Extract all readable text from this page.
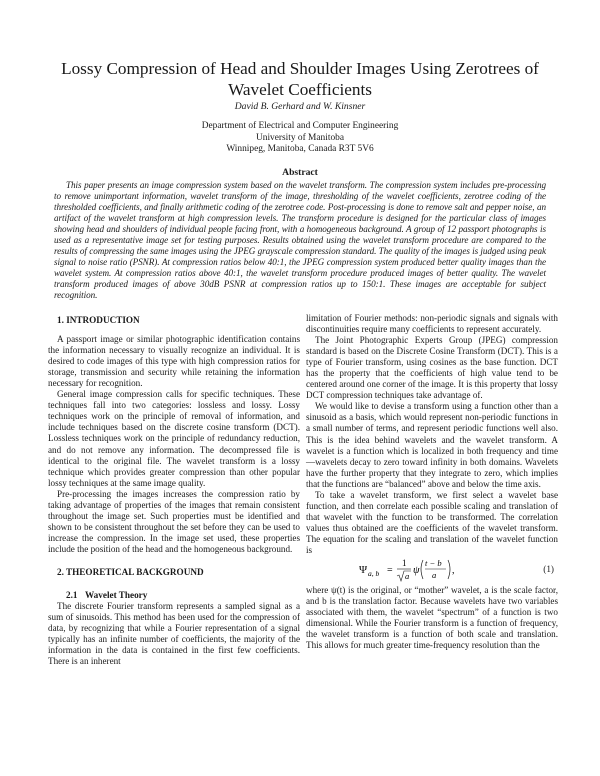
Lossy Compression of Head and Shoulder Images Using Zerotrees of Wavelet Coefficients

David B. Gerhard and W. Kinsner

Department of Electrical and Computer Engineering
University of Manitoba
Winnipeg, Manitoba, Canada R3T 5V6

Abstract

This paper presents an image compression system based on the wavelet transform. The compression system includes pre-processing to remove unimportant information, wavelet transform of the image, thresholding of the wavelet coefficients, zerotree coding of the thresholded coefficients, and finally arithmetic coding of the zerotree code. Post-processing is done to remove salt and pepper noise, an artifact of the wavelet transform at high compression levels. The transform procedure is designed for the particular class of images showing head and shoulders of individual people facing front, with a homogeneous background. A group of 12 passport photographs is used as a representative image set for testing purposes. Results obtained using the wavelet transform procedure are compared to the results of compressing the same images using the JPEG grayscale compression standard. The quality of the images is judged using peak signal to noise ratio (PSNR). At compression ratios below 40:1, the JPEG compression system produced better quality images than the wavelet system. At compression ratios above 40:1, the wavelet transform procedure produced images of better quality. The wavelet transform produced images of above 30dB PSNR at compression ratios up to 150:1. These images are acceptable for subject recognition.

1. INTRODUCTION

A passport image or similar photographic identification contains the information necessary to visually recognize an individual. It is desired to code images of this type with high compression ratios for storage, transmission and security while retaining the information necessary for recognition.

General image compression calls for specific techniques. These techniques fall into two categories: lossless and lossy. Lossy techniques work on the principle of removal of information, and include techniques based on the discrete cosine transform (DCT). Lossless techniques work on the principle of redundancy reduction, and do not remove any information. The decompressed file is identical to the original file. The wavelet transform is a lossy technique which provides greater compression than other popular lossy techniques at the same image quality.

Pre-processing the images increases the compression ratio by taking advantage of properties of the images that remain consistent throughout the image set. Such properties must be identified and shown to be consistent throughout the set before they can be used to increase the compression. In the image set used, these properties include the position of the head and the homogeneous background.

2. THEORETICAL BACKGROUND

2.1 Wavelet Theory

The discrete Fourier transform represents a sampled signal as a sum of sinusoids. This method has been used for the compression of data, by recognizing that while a Fourier representation of a signal typically has an infinite number of coefficients, the majority of the information in the data is contained in the first few coefficients. There is an inherent

limitation of Fourier methods: non-periodic signals and signals with discontinuities require many coefficients to represent accurately.

The Joint Photographic Experts Group (JPEG) compression standard is based on the Discrete Cosine Transform (DCT). This is a type of Fourier transform, using cosines as the base function. DCT has the property that the coefficients of high value tend to be centered around one corner of the image. It is this property that lossy DCT compression techniques take advantage of.

We would like to devise a transform using a function other than a sinusoid as a basis, which would represent non-periodic functions in a small number of terms, and represent periodic functions well also. This is the idea behind wavelets and the wavelet transform. A wavelet is a function which is localized in both frequency and time—wavelets decay to zero toward infinity in both domains. Wavelets have the further property that they integrate to zero, which implies that the functions are “balanced” above and below the time axis.

To take a wavelet transform, we first select a wavelet base function, and then correlate each possible scaling and translation of that wavelet with the function to be transformed. The correlation values thus obtained are the coefficients of the wavelet transform. The equation for the scaling and translation of the wavelet function is

Ψ a, b =
1
a ψ
t − b
a ,	(1)

where ψ(t) is the original, or “mother” wavelet, a is the scale factor, and b is the translation factor. Because wavelets have two variables associated with them, the wavelet “spectrum” of a function is two dimensional. While the Fourier transform is a function of frequency, the wavelet transform is a function of both scale and translation. This allows for much greater time-frequency resolution than the
